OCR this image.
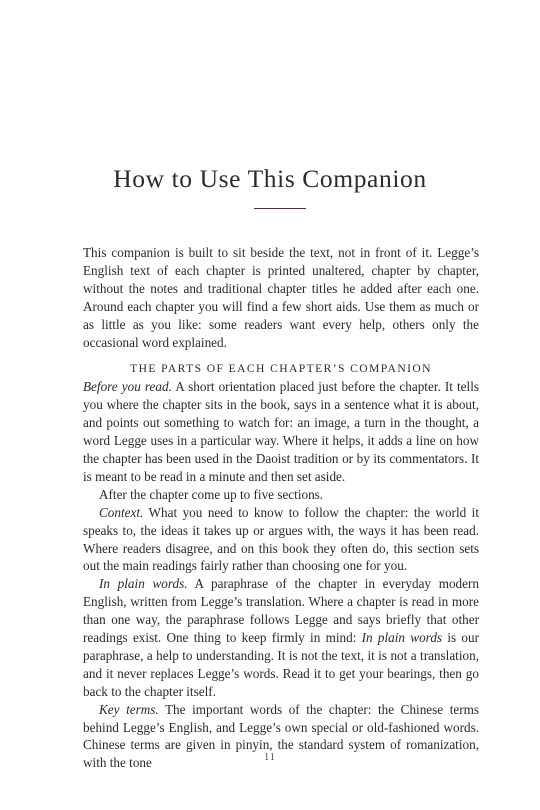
How to Use This Companion

This companion is built to sit beside the text, not in front of it. Legge’s English text of each chapter is printed unaltered, chapter by chapter, without the notes and traditional chapter titles he added after each one. Around each chapter you will find a few short aids. Use them as much or as little as you like: some readers want every help, others only the occasional word explained.

THE PARTS OF EACH CHAPTER’S COMPANION

Before you read. A short orientation placed just before the chapter. It tells you where the chapter sits in the book, says in a sentence what it is about, and points out something to watch for: an image, a turn in the thought, a word Legge uses in a particular way. Where it helps, it adds a line on how the chapter has been used in the Daoist tradition or by its commentators. It is meant to be read in a minute and then set aside.

After the chapter come up to five sections.

Context. What you need to know to follow the chapter: the world it speaks to, the ideas it takes up or argues with, the ways it has been read. Where readers disagree, and on this book they often do, this section sets out the main readings fairly rather than choosing one for you.

In plain words. A paraphrase of the chapter in everyday modern English, written from Legge’s translation. Where a chapter is read in more than one way, the paraphrase follows Legge and says briefly that other readings exist. One thing to keep firmly in mind: In plain words is our paraphrase, a help to understanding. It is not the text, it is not a translation, and it never replaces Legge’s words. Read it to get your bearings, then go back to the chapter itself.

Key terms. The important words of the chapter: the Chinese terms behind Legge’s English, and Legge’s own special or old-fashioned words. Chinese terms are given in pinyin, the standard system of romanization, with the tone	11
